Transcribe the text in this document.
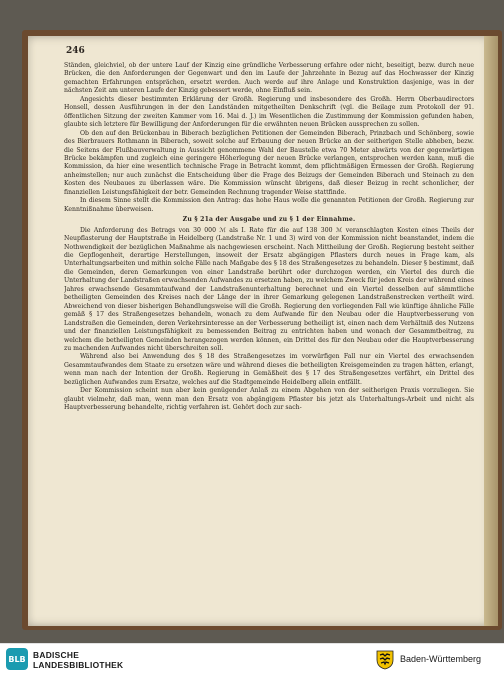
246

Ständen, gleichviel, ob der untere Lauf der Kinzig eine gründliche Verbesserung erfahre oder nicht, beseitigt, bezw. durch neue Brücken, die den Anforderungen der Gegenwart und den im Laufe der Jahrzehnte in Bezug auf das Hochwasser der Kinzig gemachten Erfahrungen entsprächen, ersetzt werden. Auch werde auf ihre Anlage und Konstruktion dasjenige, was in der nächsten Zeit am unteren Laufe der Kinzig gebessert werde, ohne Einfluß sein.

Angesichts dieser bestimmten Erklärung der Großh. Regierung und insbesondere des Großh. Herrn Oberbaudirectors Honsell, dessen Ausführungen in der den Landständen mitgetheilten Denkschrift (vgl. die Beilage zum Protokoll der 91. öffentlichen Sitzung der zweiten Kammer vom 16. Mai d. J.) im Wesentlichen die Zustimmung der Kommission gefunden haben, glaubte sich letztere für Bewilligung der Anforderungen für die erwähnten neuen Brücken aussprechen zu sollen.

Ob den auf den Brückenbau in Biberach bezüglichen Petitionen der Gemeinden Biberach, Prinzbach und Schönberg, sowie des Bierbrauers Rothmann in Biberach, soweit solche auf Erbauung der neuen Brücke an der seitherigen Stelle abheben, bezw. die Seitens der Flußbauverwaltung in Aussicht genommene Wahl der Baustelle etwa 70 Meter abwärts von der gegenwärtigen Brücke bekämpfen und zugleich eine geringere Höherlegung der neuen Brücke verlangen, entsprochen werden kann, muß die Kommission, da hier eine wesentlich technische Frage in Betracht kommt, dem pflichtmäßigen Ermessen der Großh. Regierung anheimstellen; nur auch zunächst die Entscheidung über die Frage des Beizugs der Gemeinden Biberach und Steinach zu den Kosten des Neubaues zu überlassen wäre. Die Kommission wünscht übrigens, daß dieser Beizug in recht schonlicher, der finanziellen Leistungsfähigkeit der betr. Gemeinden Rechnung tragender Weise stattfinde.

In diesem Sinne stellt die Kommission den Antrag: das hohe Haus wolle die genannten Petitionen der Großh. Regierung zur Kenntnißnahme überweisen.

Zu § 21a der Ausgabe und zu § 1 der Einnahme.

Die Anforderung des Betrags von 30 000 ℳ als I. Rate für die auf 138 300 ℳ veranschlagten Kosten eines Theils der Neupflasterung der Hauptstraße in Heidelberg (Landstraße Nr. 1 und 3) wird von der Kommission nicht beanstandet, indem die Nothwendigkeit der bezüglichen Maßnahme als nachgewiesen erscheint. Nach Mittheilung der Großh. Regierung besteht seither die Gepflogenheit, derartige Herstellungen, insoweit der Ersatz abgängigen Pflasters durch neues in Frage kam, als Unterhaltungsarbeiten und mithin solche Fälle nach Maßgabe des § 18 des Straßengesetzes zu behandeln. Dieser § bestimmt, daß die Gemeinden, deren Gemarkungen von einer Landstraße berührt oder durchzogen werden, ein Viertel des durch die Unterhaltung der Landstraßen erwachsenden Aufwandes zu ersetzen haben, zu welchem Zweck für jeden Kreis der während eines Jahres erwachsende Gesammtaufwand der Landstraßenunterhaltung berechnet und ein Viertel desselben auf sämmtliche betheiligten Gemeinden des Kreises nach der Länge der in ihrer Gemarkung gelegenen Landstraßenstrecken vertheilt wird. Abweichend von dieser bisherigen Behandlungsweise will die Großh. Regierung den vorliegenden Fall wie künftige ähnliche Fälle gemäß § 17 des Straßengesetzes behandeln, wonach zu dem Aufwande für den Neubau oder die Hauptverbesserung von Landstraßen die Gemeinden, deren Verkehrsinteresse an der Verbesserung betheiligt ist, einen nach dem Verhältniß des Nutzens und der finanziellen Leistungsfähigkeit zu bemessenden Beitrag zu entrichten haben und wonach der Gesammtbeitrag, zu welchem die betheiligten Gemeinden herangezogen werden können, ein Drittel des für den Neubau oder die Hauptverbesserung zu machenden Aufwandes nicht überschreiten soll.

Während also bei Anwendung des § 18 des Straßengesetzes im vorwürfigen Fall nur ein Viertel des erwachsenden Gesammtaufwandes dem Staate zu ersetzen wäre und während dieses die betheiligten Kreisgemeinden zu tragen hätten, erlangt, wenn man nach der Intention der Großh. Regierung in Gemäßheit des § 17 des Straßengesetzes verfährt, ein Drittel des bezüglichen Aufwandes zum Ersatze, welches auf die Stadtgemeinde Heidelberg allein entfällt.

Der Kommission scheint nun aber kein genügender Anlaß zu einem Abgehen von der seitherigen Praxis vorzuliegen. Sie glaubt vielmehr, daß man, wenn man den Ersatz von abgängigem Pflaster bis jetzt als Unterhaltungs-Arbeit und nicht als Hauptverbesserung behandelte, richtig verfahren ist. Gehört doch zur sach-

BLB BADISCHE
LANDESBIBLIOTHEK
Baden-Württemberg
